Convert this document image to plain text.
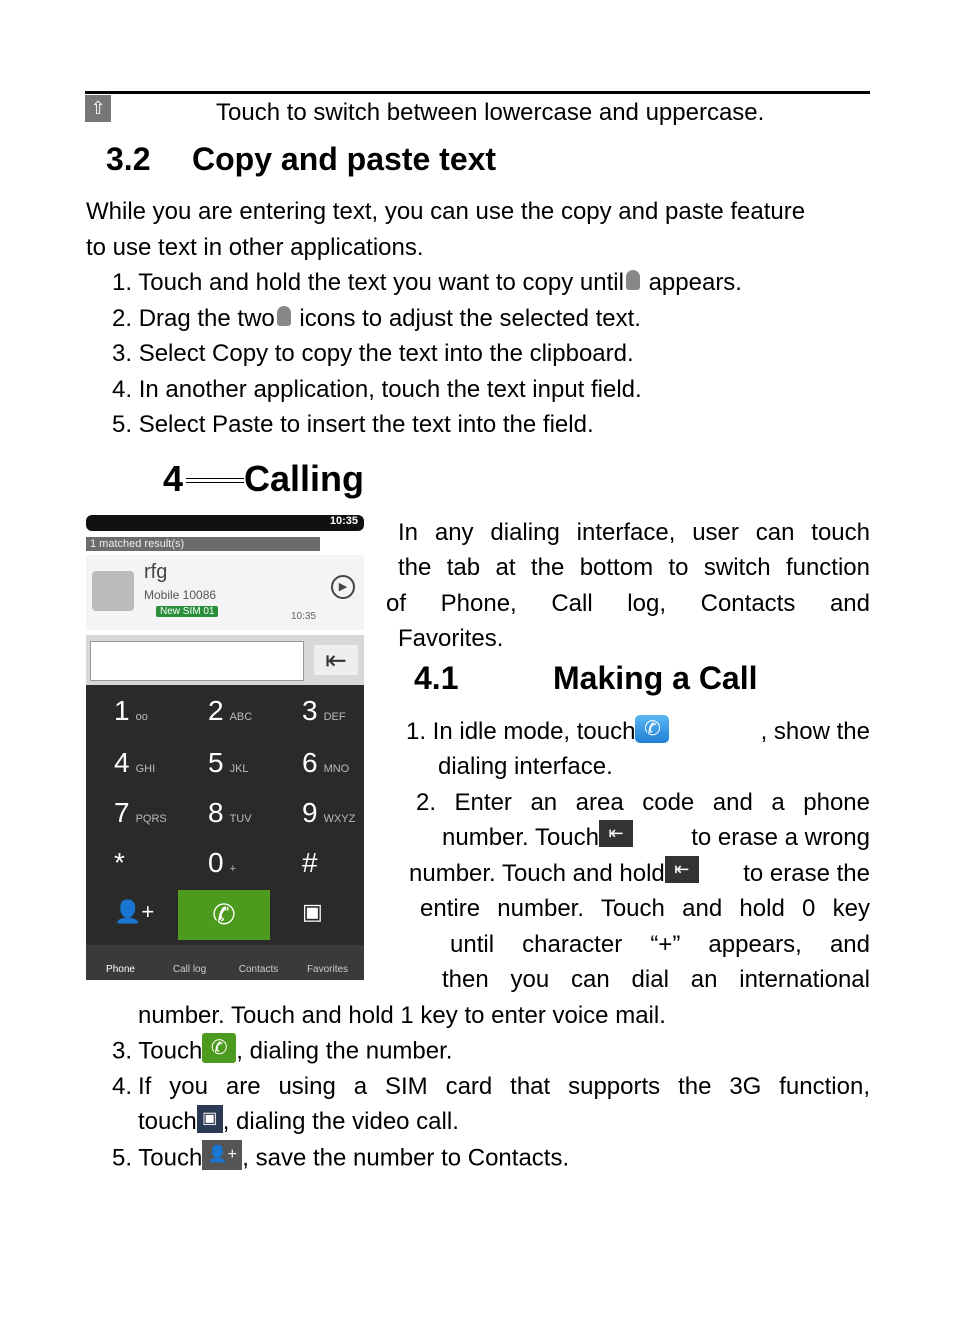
⇧	Touch to switch between lowercase and uppercase.
3.2 Copy and paste text
While you are entering text, you can use the copy and paste feature
to use text in other applications.
1. Touch and hold the text you want to copy until appears.
2. Drag the two icons to adjust the selected text.
3. Select Copy to copy the text into the clipboard.
4. In another application, touch the text input field.
5. Select Paste to insert the text into the field.
4 Calling
10:35
1 matched result(s)
rfg
Mobile 10086
New SIM 01	10:35
▶
⇤
1 oo	2 ABC	3 DEF
4 GHI	5 JKL	6 MNO
7 PQRS	8 TUV	9 WXYZ
*	0 +	#
👤+	✆	▣
Phone	Call log	Contacts	Favorites
In any dialing interface, user can touch
the tab at the bottom to switch function
of Phone, Call log, Contacts and
Favorites.
4.1	Making a Call
1. In idle mode, touch ✆	, show the
dialing interface.
2. Enter an area code and a phone
number. Touch ⇤	to erase a wrong
number. Touch and hold ⇤	to erase the
entire number. Touch and hold 0 key
until character “+” appears, and
then you can dial an international
number. Touch and hold 1 key to enter voice mail.
3. Touch ✆ , dialing the number.
4. If you are using a SIM card that supports the 3G function,
touch ▣ , dialing the video call.
5. Touch 👤+ , save the number to Contacts.
